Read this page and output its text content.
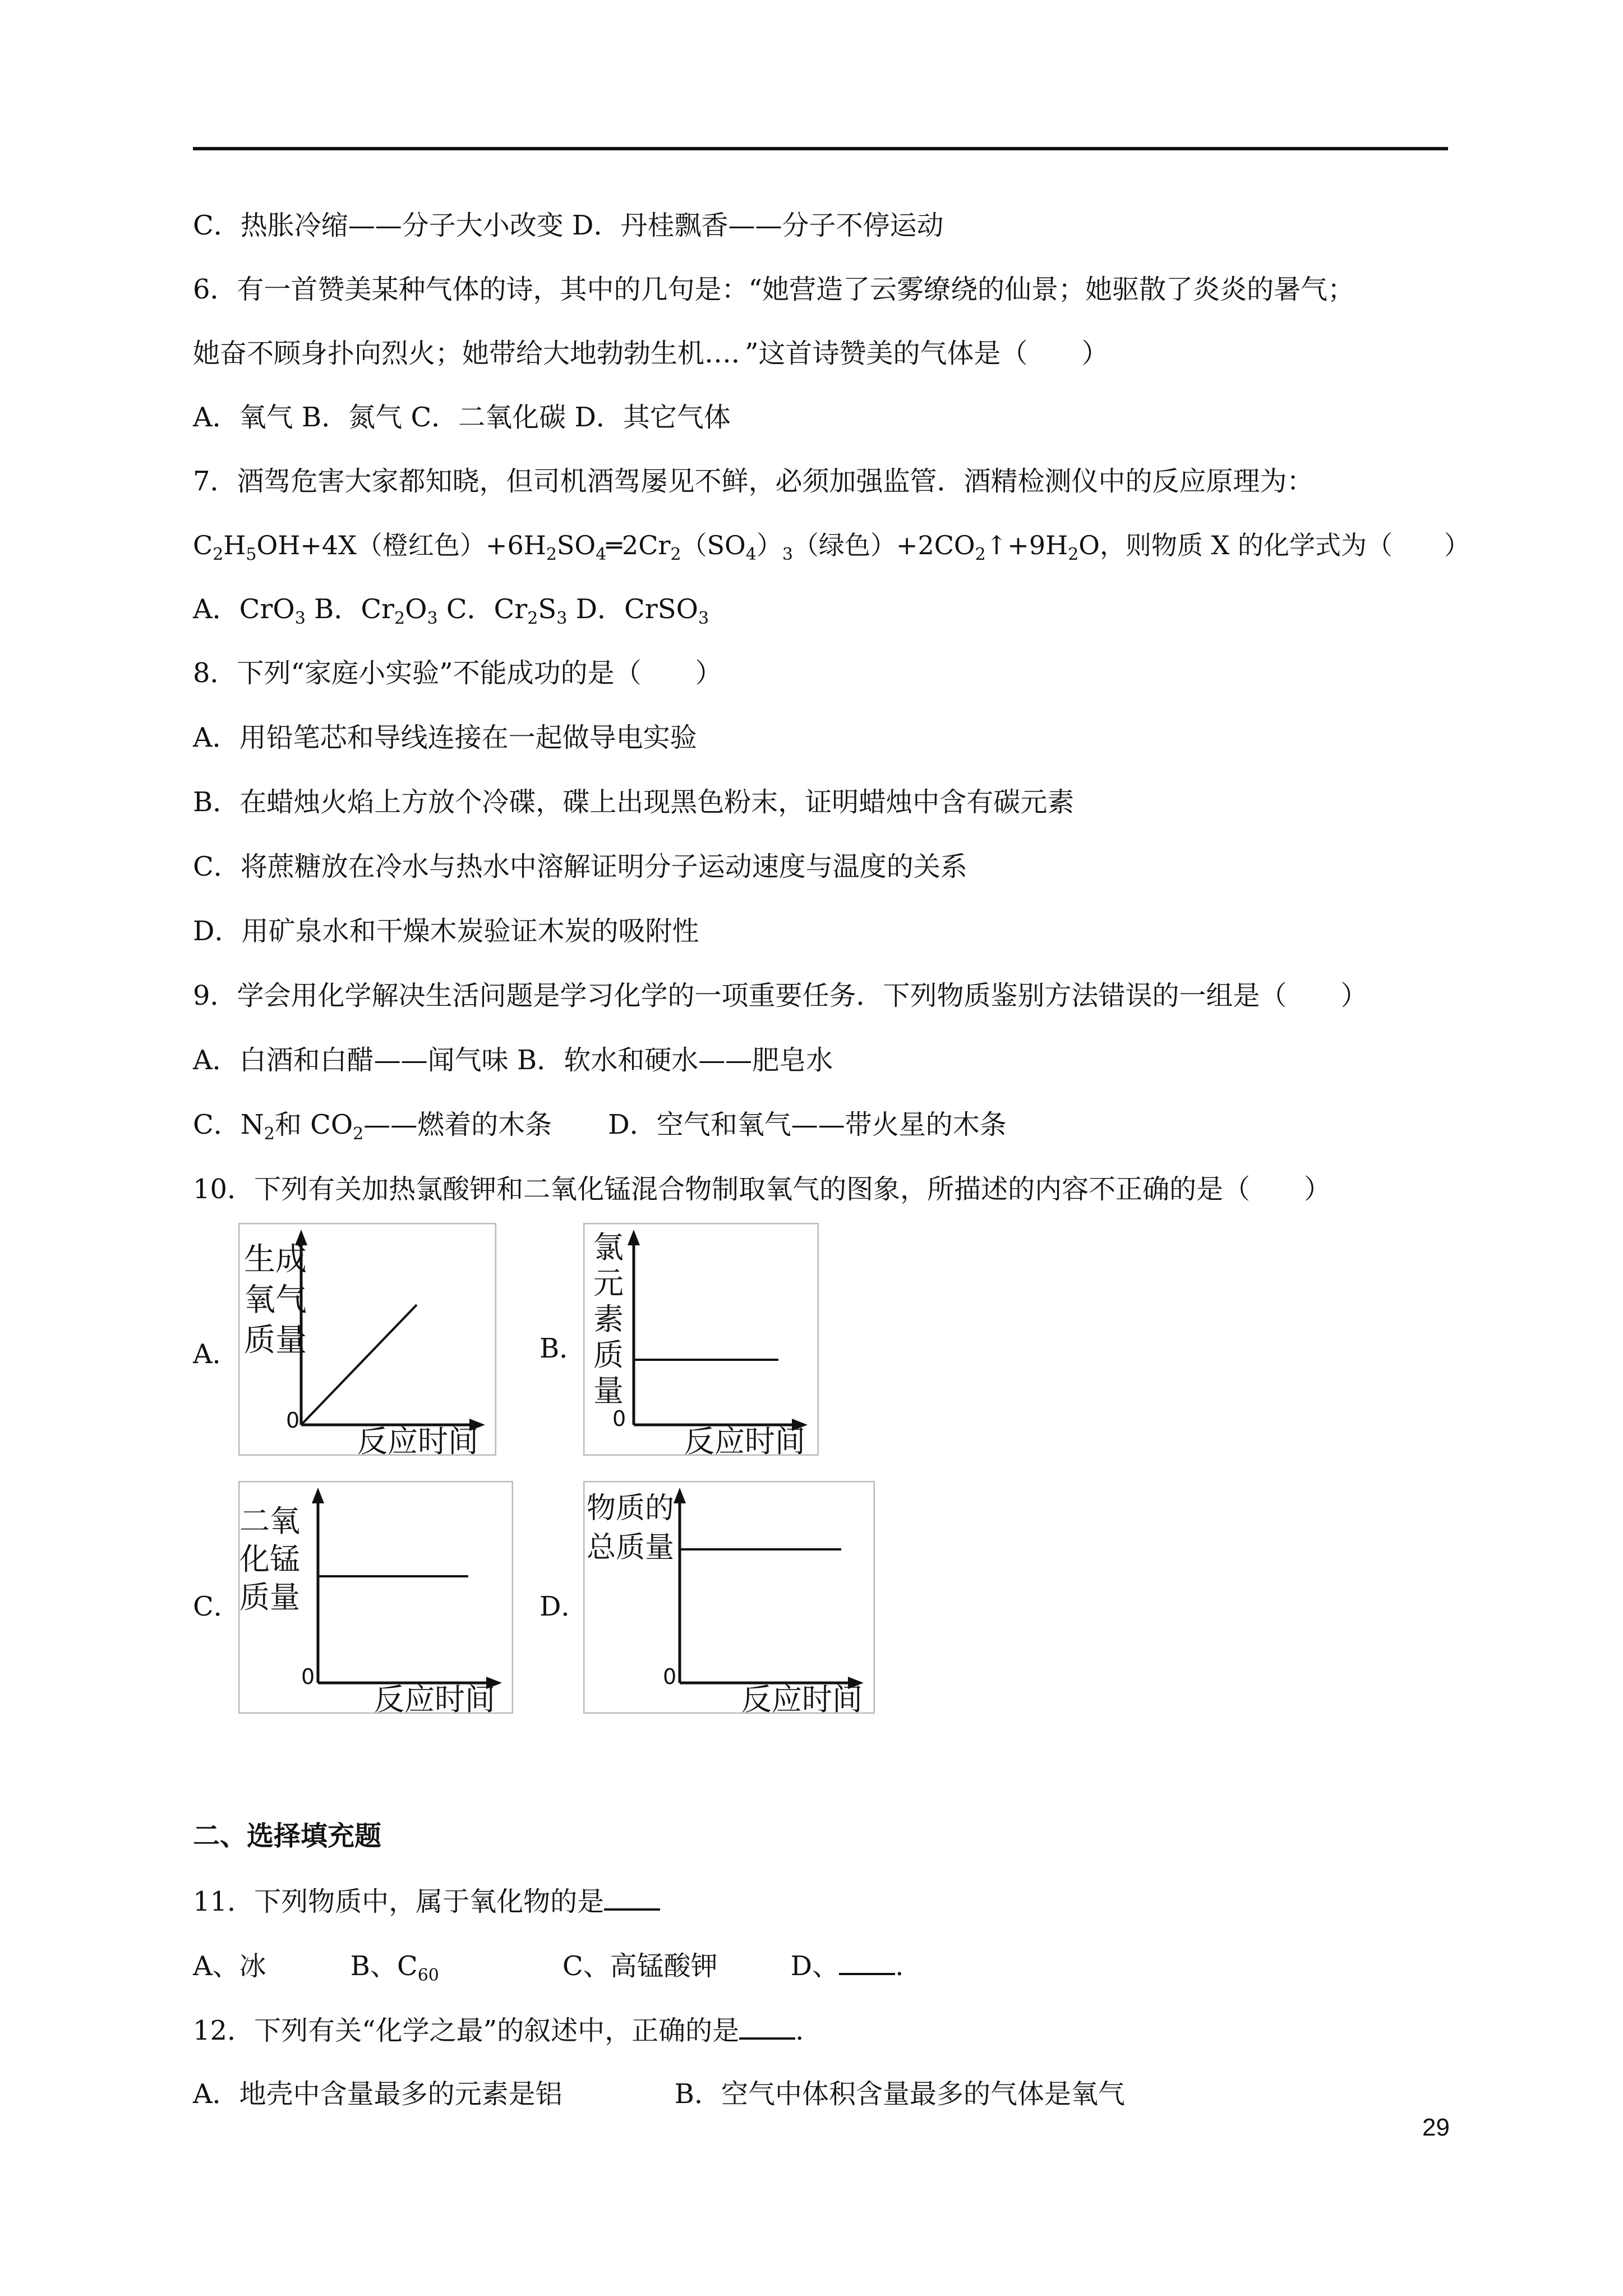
C．热胀冷缩——分子大小改变 D．丹桂飘香——分子不停运动
6．有一首赞美某种气体的诗，其中的几句是：“她营造了云雾缭绕的仙景；她驱散了炎炎的暑气；
她奋不顾身扑向烈火；她带给大地勃勃生机…．”这首诗赞美的气体是（　　）
A．氧气 B．氮气 C．二氧化碳 D．其它气体
7．酒驾危害大家都知晓，但司机酒驾屡见不鲜，必须加强监管．酒精检测仪中的反应原理为：
$C_2H_5OH+4X$（橙红色）$+6H_2SO_4═2Cr_2(SO_4)_3$（绿色）$+2CO_2↑+9H_2O$，则物质 X 的化学式为（　　）
A．CrO$_3$ B．$Cr_2O_3$ C．$Cr_2S_3$ D．CrSO$_3$
8．下列“家庭小实验”不能成功的是（　　）
A．用铅笔芯和导线连接在一起做导电实验
B．在蜡烛火焰上方放个冷碟，碟上出现黑色粉末，证明蜡烛中含有碳元素
C．将蔗糖放在冷水与热水中溶解证明分子运动速度与温度的关系
D．用矿泉水和干燥木炭验证木炭的吸附性
9．学会用化学解决生活问题是学习化学的一项重要任务．下列物质鉴别方法错误的一组是（　　）
A．白酒和白醋——闻气味 B．软水和硬水——肥皂水
C．$N_2$和 $CO_2——$燃着的木条 D．空气和氧气——带火星的木条
10．下列有关加热氯酸钾和二氧化锰混合物制取氧气的图象，所描述的内容不正确的是（　　）
A．
生成
氧气
质量
0
反应时间
B．
氯
元
素
质
量
0
反应时间
C．
二氧
化锰
质量
0
反应时间
D．
物质的
总质量
0
反应时间
二、选择填充题
11．下列物质中，属于氧化物的是
A、冰	B、$C_{60}$	C、高锰酸钾	D、 .
12．下列有关“化学之最”的叙述中，正确的是 .
A．地壳中含量最多的元素是铝	B．空气中体积含量最多的气体是氧气
29
